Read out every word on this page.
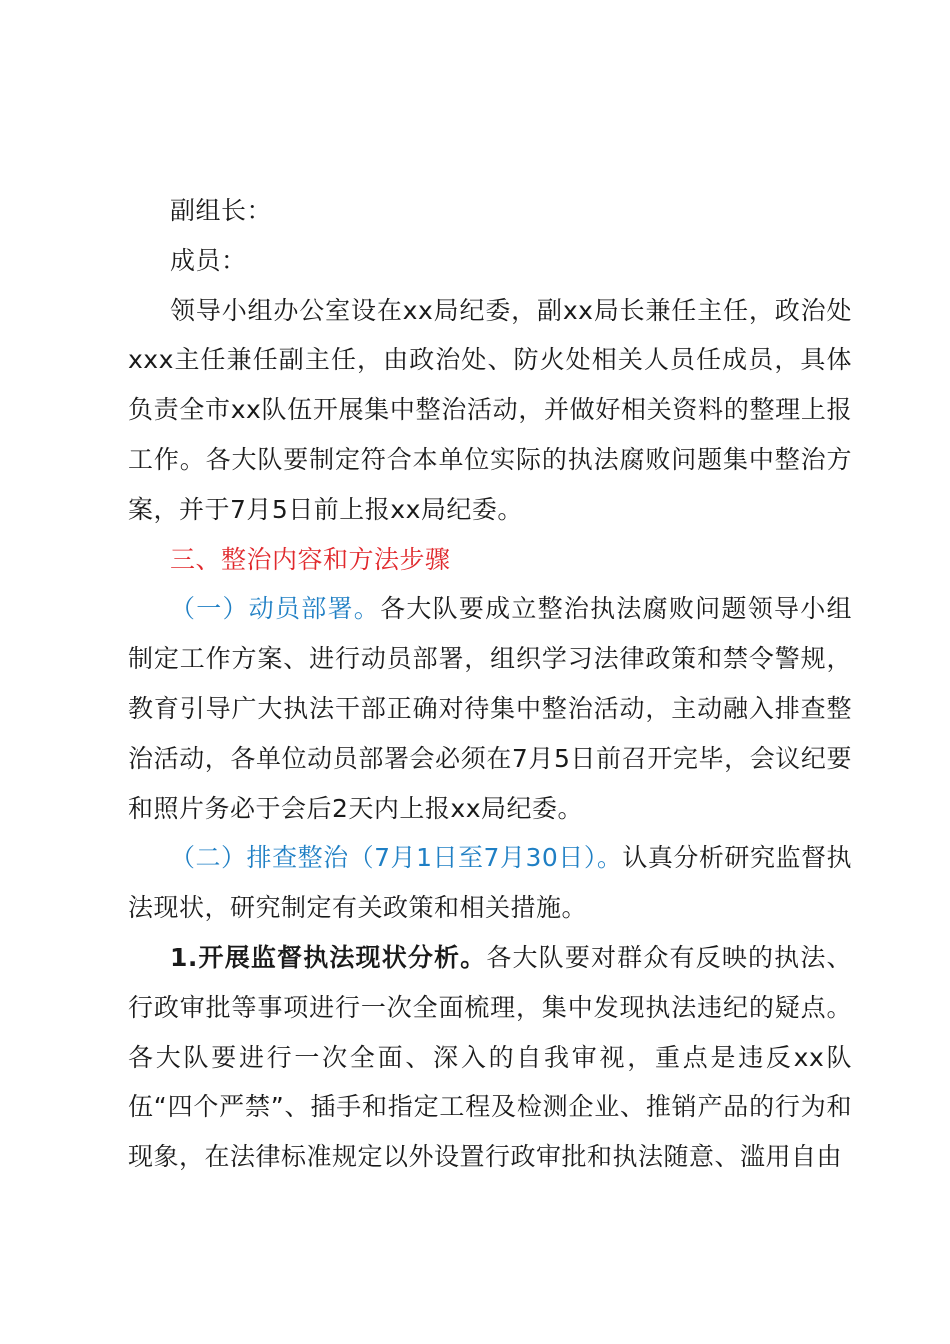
副组长：

成员：

领导小组办公室设在xx局纪委，副xx局长兼任主任，政治处xxx主任兼任副主任，由政治处、防火处相关人员任成员，具体负责全市xx队伍开展集中整治活动，并做好相关资料的整理上报工作。各大队要制定符合本单位实际的执法腐败问题集中整治方案，并于7月5日前上报xx局纪委。

三、整治内容和方法步骤

（一）动员部署。各大队要成立整治执法腐败问题领导小组制定工作方案、进行动员部署，组织学习法律政策和禁令警规，教育引导广大执法干部正确对待集中整治活动，主动融入排查整治活动，各单位动员部署会必须在7月5日前召开完毕，会议纪要和照片务必于会后2天内上报xx局纪委。

（二）排查整治（7月1日至7月30日）。认真分析研究监督执法现状，研究制定有关政策和相关措施。

1.开展监督执法现状分析。各大队要对群众有反映的执法、行政审批等事项进行一次全面梳理，集中发现执法违纪的疑点。各大队要进行一次全面、深入的自我审视，重点是违反xx队伍“四个严禁”、插手和指定工程及检测企业、推销产品的行为和现象，在法律标准规定以外设置行政审批和执法随意、滥用自由
